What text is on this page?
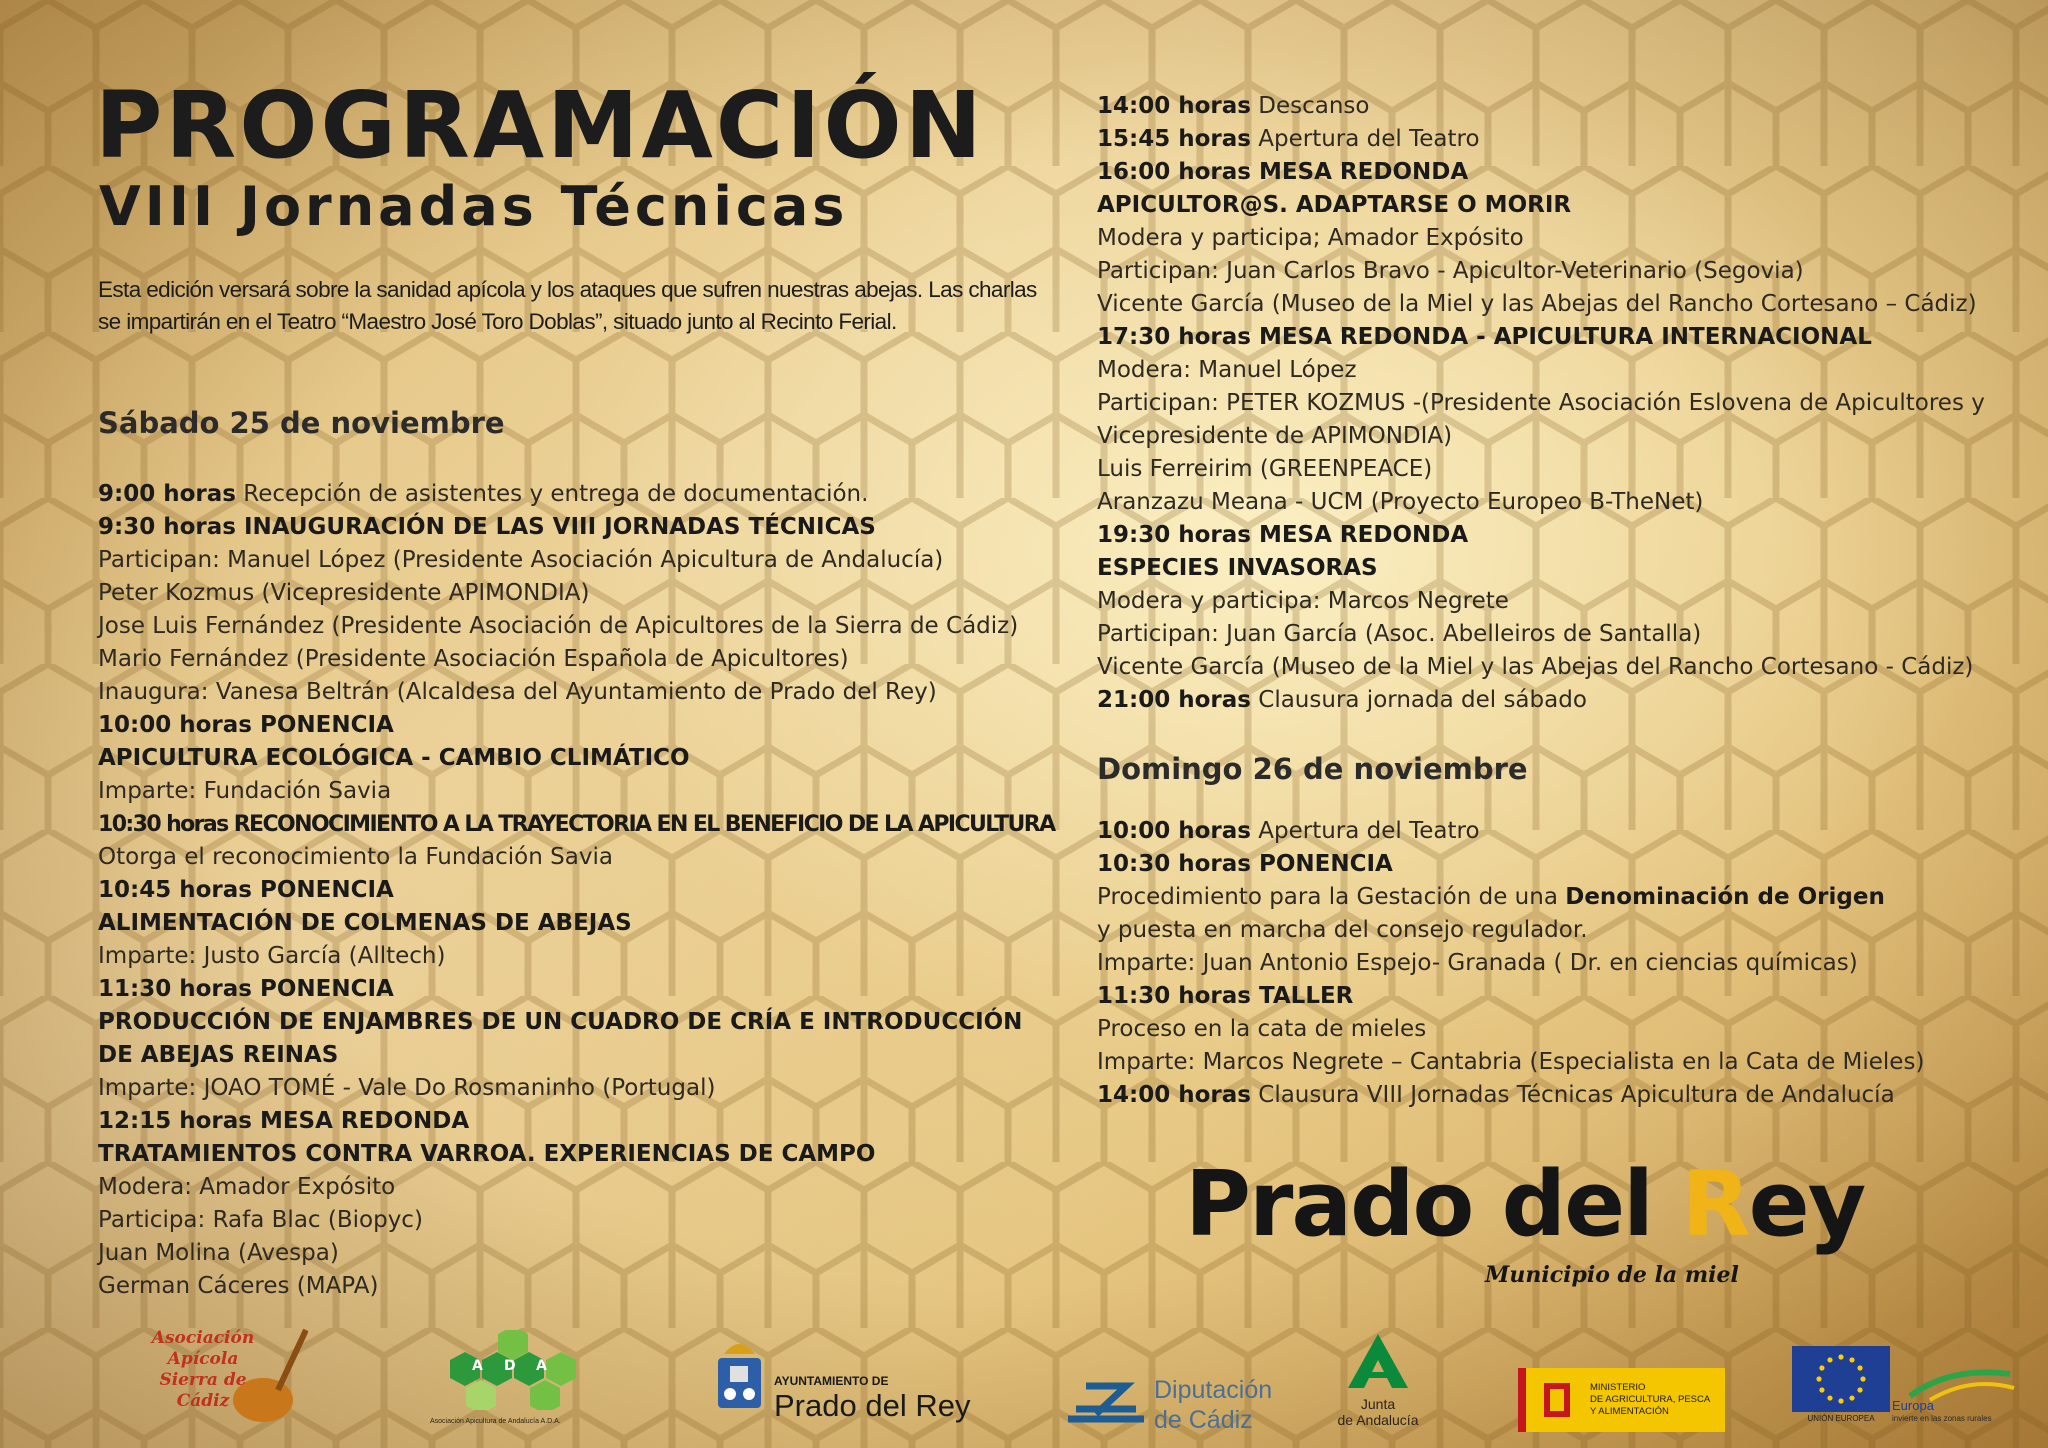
PROGRAMACIÓN
VIII Jornadas Técnicas

Esta edición versará sobre la sanidad apícola y los ataques que sufren nuestras abejas. Las charlas se impartirán en el Teatro “Maestro José Toro Doblas”, situado junto al Recinto Ferial.

Sábado 25 de noviembre
9:00 horas Recepción de asistentes y entrega de documentación.
9:30 horas INAUGURACIÓN DE LAS VIII JORNADAS TÉCNICAS
Participan: Manuel López (Presidente Asociación Apicultura de Andalucía)
Peter Kozmus (Vicepresidente APIMONDIA)
Jose Luis Fernández (Presidente Asociación de Apicultores de la Sierra de Cádiz)
Mario Fernández (Presidente Asociación Española de Apicultores)
Inaugura: Vanesa Beltrán (Alcaldesa del Ayuntamiento de Prado del Rey)
10:00 horas PONENCIA
APICULTURA ECOLÓGICA - CAMBIO CLIMÁTICO
Imparte: Fundación Savia
10:30 horas RECONOCIMIENTO A LA TRAYECTORIA EN EL BENEFICIO DE LA APICULTURA
Otorga el reconocimiento la Fundación Savia
10:45 horas PONENCIA
ALIMENTACIÓN DE COLMENAS DE ABEJAS
Imparte: Justo García (Alltech)
11:30 horas PONENCIA
PRODUCCIÓN DE ENJAMBRES DE UN CUADRO DE CRÍA E INTRODUCCIÓN
DE ABEJAS REINAS
Imparte: JOAO TOMÉ - Vale Do Rosmaninho (Portugal)
12:15 horas MESA REDONDA
TRATAMIENTOS CONTRA VARROA. EXPERIENCIAS DE CAMPO
Modera: Amador Expósito
Participa: Rafa Blac (Biopyc)
Juan Molina (Avespa)
German Cáceres (MAPA)
14:00 horas Descanso
15:45 horas Apertura del Teatro
16:00 horas MESA REDONDA
APICULTOR@S. ADAPTARSE O MORIR
Modera y participa; Amador Expósito
Participan: Juan Carlos Bravo - Apicultor-Veterinario (Segovia)
Vicente García (Museo de la Miel y las Abejas del Rancho Cortesano – Cádiz)
17:30 horas MESA REDONDA - APICULTURA INTERNACIONAL
Modera: Manuel López
Participan: PETER KOZMUS -(Presidente Asociación Eslovena de Apicultores y
Vicepresidente de APIMONDIA)
Luis Ferreirim (GREENPEACE)
Aranzazu Meana - UCM (Proyecto Europeo B-TheNet)
19:30 horas MESA REDONDA
ESPECIES INVASORAS
Modera y participa: Marcos Negrete
Participan: Juan García (Asoc. Abelleiros de Santalla)
Vicente García (Museo de la Miel y las Abejas del Rancho Cortesano - Cádiz)
21:00 horas Clausura jornada del sábado
Domingo 26 de noviembre
10:00 horas Apertura del Teatro
10:30 horas PONENCIA
Procedimiento para la Gestación de una Denominación de Origen
y puesta en marcha del consejo regulador.
Imparte: Juan Antonio Espejo- Granada ( Dr. en ciencias químicas)
11:30 horas TALLER
Proceso en la cata de mieles
Imparte: Marcos Negrete – Cantabria (Especialista en la Cata de Mieles)
14:00 horas Clausura VIII Jornadas Técnicas Apicultura de Andalucía
Prado del Rey
Municipio de la miel
Asociación Apícola Sierra de Cádiz
A D A
Asociación Apicultura de Andalucía A.D.A.
AYUNTAMIENTO DE
Prado del Rey	Diputación
de Cádiz
Junta
de Andalucía
MINISTERIO
DE AGRICULTURA, PESCA
Y ALIMENTACIÓN
UNIÓN EUROPEA
Europa
invierte en las zonas rurales
